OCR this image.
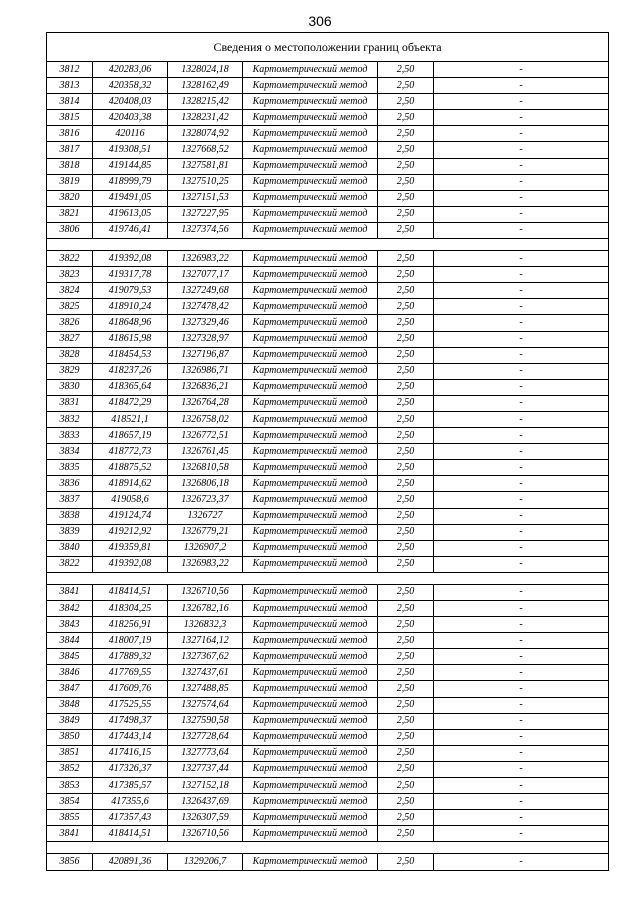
306
Сведения о местоположении границ объекта					
3812	420283,06	1328024,18	Картометрический метод	2,50	-
3813	420358,32	1328162,49	Картометрический метод	2,50	-
3814	420408,03	1328215,42	Картометрический метод	2,50	-
3815	420403,38	1328231,42	Картометрический метод	2,50	-
3816	420116	1328074,92	Картометрический метод	2,50	-
3817	419308,51	1327668,52	Картометрический метод	2,50	-
3818	419144,85	1327581,81	Картометрический метод	2,50	-
3819	418999,79	1327510,25	Картометрический метод	2,50	-
3820	419491,05	1327151,53	Картометрический метод	2,50	-
3821	419613,05	1327227,95	Картометрический метод	2,50	-
3806	419746,41	1327374,56	Картометрический метод	2,50	-

3822	419392,08	1326983,22	Картометрический метод	2,50	-
3823	419317,78	1327077,17	Картометрический метод	2,50	-
3824	419079,53	1327249,68	Картометрический метод	2,50	-
3825	418910,24	1327478,42	Картометрический метод	2,50	-
3826	418648,96	1327329,46	Картометрический метод	2,50	-
3827	418615,98	1327328,97	Картометрический метод	2,50	-
3828	418454,53	1327196,87	Картометрический метод	2,50	-
3829	418237,26	1326986,71	Картометрический метод	2,50	-
3830	418365,64	1326836,21	Картометрический метод	2,50	-
3831	418472,29	1326764,28	Картометрический метод	2,50	-
3832	418521,1	1326758,02	Картометрический метод	2,50	-
3833	418657,19	1326772,51	Картометрический метод	2,50	-
3834	418772,73	1326761,45	Картометрический метод	2,50	-
3835	418875,52	1326810,58	Картометрический метод	2,50	-
3836	418914,62	1326806,18	Картометрический метод	2,50	-
3837	419058,6	1326723,37	Картометрический метод	2,50	-
3838	419124,74	1326727	Картометрический метод	2,50	-
3839	419212,92	1326779,21	Картометрический метод	2,50	-
3840	419359,81	1326907,2	Картометрический метод	2,50	-
3822	419392,08	1326983,22	Картометрический метод	2,50	-

3841	418414,51	1326710,56	Картометрический метод	2,50	-
3842	418304,25	1326782,16	Картометрический метод	2,50	-
3843	418256,91	1326832,3	Картометрический метод	2,50	-
3844	418007,19	1327164,12	Картометрический метод	2,50	-
3845	417889,32	1327367,62	Картометрический метод	2,50	-
3846	417769,55	1327437,61	Картометрический метод	2,50	-
3847	417609,76	1327488,85	Картометрический метод	2,50	-
3848	417525,55	1327574,64	Картометрический метод	2,50	-
3849	417498,37	1327590,58	Картометрический метод	2,50	-
3850	417443,14	1327728,64	Картометрический метод	2,50	-
3851	417416,15	1327773,64	Картометрический метод	2,50	-
3852	417326,37	1327737,44	Картометрический метод	2,50	-
3853	417385,57	1327152,18	Картометрический метод	2,50	-
3854	417355,6	1326437,69	Картометрический метод	2,50	-
3855	417357,43	1326307,59	Картометрический метод	2,50	-
3841	418414,51	1326710,56	Картометрический метод	2,50	-

3856	420891,36	1329206,7	Картометрический метод	2,50	-
